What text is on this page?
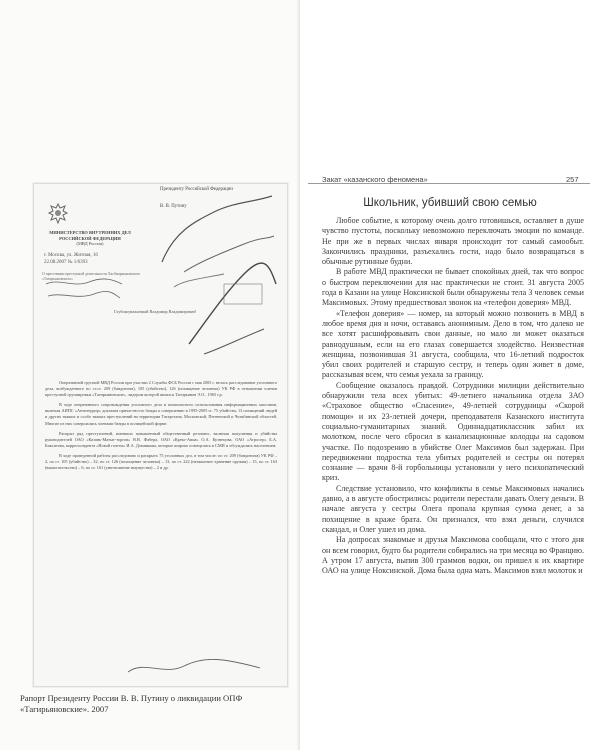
МИНИСТЕРСТВО ВНУТРЕННИХ ДЕЛ РОССИЙСКОЙ ФЕДЕРАЦИИ
(МВД России)
г. Москва, ул. Житная, 16
22.08.2007 № 1/6393
Президенту Российской Федерации
В. В. Путину
О пресечении преступной деятельности Хасбиаржановского «Тагирьяновского»
Глубокоуважаемый Владимир Владимирович!

Оперативной группой МВД России при участии 2 Службы ФСБ России с мая 2005 г. велась расследование уголовного дела, возбужденного по ст.ст. 209 (бандитизм), 105 (убийство), 126 (похищение человека) УК РФ в отношении членов преступной группировки «Тагирьяновские», лидером которой являлся Тагирьянов Э.О., 1965 г.р.

В ходе оперативного сопровождения уголовного дела и комплексного использования информационных массивов, включая АИПС «Антитеррор» доказана причастность банды к совершению в 1995-2005 гг. 75 убийства, 13 похищений людей и других тяжких и особо тяжких преступлений на территории Татарстана, Московской, Пензенской и Челябинской областей. Многие из них совершались членами банды в полицейской форме.

Раскрыт ряд преступлений, имевших повышенный общественный резонанс, включая покушения и убийства руководителей ОАО «Казань-Матыт-торгов» В.В. Фабера, ОАО «Крекс-Авиа» О.А. Кузнецова, ОАО «Агросер» Б.А. Бикситова, корреспондента «Новой газеты» И.А. Домникова, которые широко освещались в СМИ и обсуждались населением.

В ходе проведенной работы расследовано и раскрыто 75 уголовных дел, в том числе: по ст. 209 (бандитизм) УК РФ – 2, по ст. 105 (убийство) – 32, по ст. 126 (похищение человека) – 13, по ст. 222 (незаконное хранение оружия) – 15, по ст. 163 (вымогательство) – 6, по ст. 161 (уничтожение имущества) – 2 и др.

Рапорт Президенту России В. В. Путину о ликвидации ОПФ «Тагирьяновские». 2007
Закат «казанского феномена»	257
Школьник, убивший свою семью

Любое событие, к которому очень долго готовишься, оставляет в душе чувство пустоты, поскольку невозможно переключать эмоции по команде. Не при же в первых числах января происходит тот самый самообыт. Закончились праздники, разъехались гости, надо было возвращаться в обычные рутинные будни.

В работе МВД практически не бывает спокойных дней, так что вопрос о быстром переключении для нас практически не стоит. 31 августа 2005 года в Казани на улице Ноксинской были обнаружены тела 3 человек семьи Максимовых. Этому предшествовал звонок на «телефон доверия» МВД.

«Телефон доверия» — номер, на который можно позвонить в МВД в любое время дня и ночи, оставаясь анонимным. Дело в том, что далеко не все хотят расшифровывать свои данные, но мало ли может оказаться равнодушным, если на его глазах совершается злодейство. Неизвестная женщина, позвонившая 31 августа, сообщила, что 16-летний подросток убил своих родителей и старшую сестру, и теперь один живет в доме, рассказывая всем, что семья уехала за границу.

Сообщение оказалось правдой. Сотрудники милиции действительно обнаружили тела всех убитых: 49-летнего начальника отдела ЗАО «Страховое общество «Спасение», 49-летней сотрудницы «Скорой помощи» и их 23-летней дочери, преподавателя Казанского института социально-гуманитарных знаний. Одиннадцатиклассник забил их молотком, после чего сбросил в канализационные колодцы на садовом участке. По подозрению в убийстве Олег Максимов был задержан. При передвижении подростка тела убитых родителей и сестры он потерял сознание — врачи 8-й горбольницы установили у него психопатический криз.

Следствие установило, что конфликты в семье Максимовых начались давно, а в августе обострились: родители перестали давать Олегу деньги. В начале августа у сестры Олега пропала крупная сумма денег, а за похищение в краже брата. Он признался, что взял деньги, случился скандал, и Олег ушел из дома.

На допросах знакомые и друзья Максимова сообщали, что с этого дня он всем говорил, будто бы родители собирались на три месяца во Францию. А утром 17 августа, выпив 300 граммов водки, он пришел к их квартире ОАО на улице Ноксинской. Дома была одна мать. Максимов взял молоток и
